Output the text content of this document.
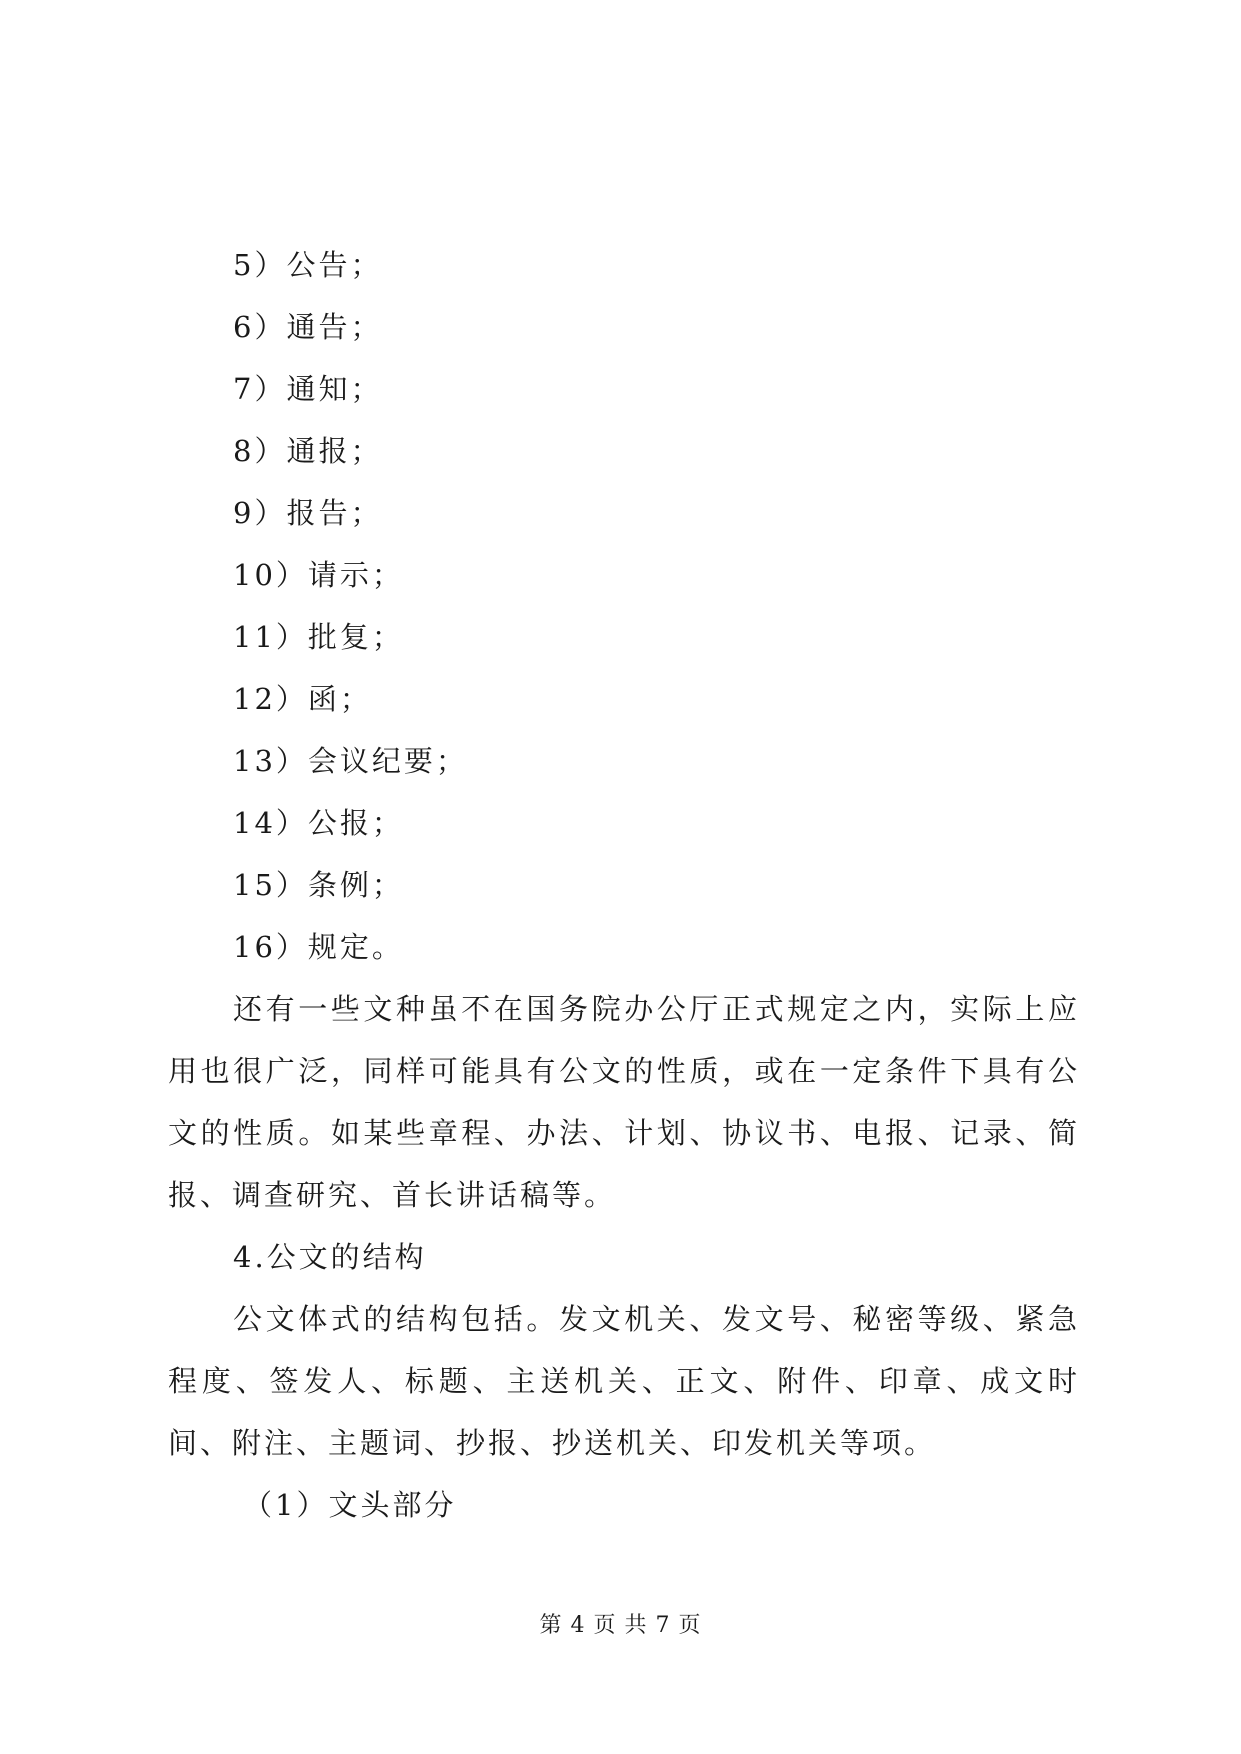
5）公告；
6）通告；
7）通知；
8）通报；
9）报告；
10）请示；
11）批复；
12）函；
13）会议纪要；
14）公报；
15）条例；
16）规定。

还有一些文种虽不在国务院办公厅正式规定之内，实际上应用也很广泛，同样可能具有公文的性质，或在一定条件下具有公文的性质。如某些章程、办法、计划、协议书、电报、记录、简报、调查研究、首长讲话稿等。

4.公文的结构

公文体式的结构包括。发文机关、发文号、秘密等级、紧急程度、签发人、标题、主送机关、正文、附件、印章、成文时间、附注、主题词、抄报、抄送机关、印发机关等项。

（1）文头部分
第 4 页 共 7 页
